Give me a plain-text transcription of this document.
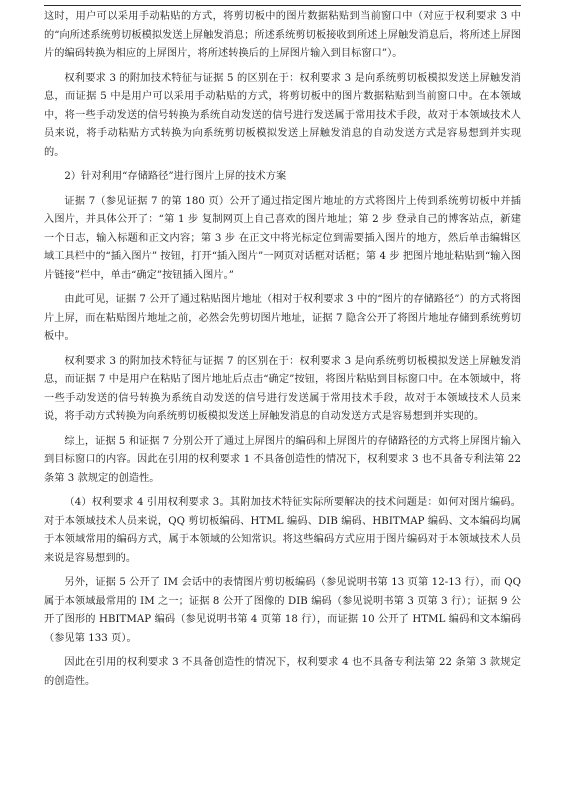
这时，用户可以采用手动粘贴的方式，将剪切板中的图片数据粘贴到当前窗口中（对应于权利要求 3 中的“向所述系统剪切板模拟发送上屏触发消息；所述系统剪切板接收到所述上屏触发消息后，将所述上屏图片的编码转换为相应的上屏图片，将所述转换后的上屏图片输入到目标窗口”）。

权利要求 3 的附加技术特征与证据 5 的区别在于：权利要求 3 是向系统剪切板模拟发送上屏触发消息，而证据 5 中是用户可以采用手动粘贴的方式，将剪切板中的图片数据粘贴到当前窗口中。在本领域中，将一些手动发送的信号转换为系统自动发送的信号进行发送属于常用技术手段，故对于本领域技术人员来说，将手动粘贴方式转换为向系统剪切板模拟发送上屏触发消息的自动发送方式是容易想到并实现的。

2）针对利用“存储路径”进行图片上屏的技术方案

证据 7（参见证据 7 的第 180 页）公开了通过指定图片地址的方式将图片上传到系统剪切板中并插入图片，并具体公开了：“第 1 步 复制网页上自己喜欢的图片地址；第 2 步 登录自己的博客站点，新建一个日志，输入标题和正文内容；第 3 步 在正文中将光标定位到需要插入图片的地方，然后单击编辑区域工具栏中的“插入图片” 按钮，打开“插入图片”一网页对话框对话框；第 4 步 把图片地址粘贴到“输入图片链接”栏中，单击“确定”按钮插入图片。”

由此可见，证据 7 公开了通过粘贴图片地址（相对于权利要求 3 中的“图片的存储路径”）的方式将图片上屏，而在粘贴图片地址之前，必然会先剪切图片地址，证据 7 隐含公开了将图片地址存储到系统剪切板中。

权利要求 3 的附加技术特征与证据 7 的区别在于：权利要求 3 是向系统剪切板模拟发送上屏触发消息，而证据 7 中是用户在粘贴了图片地址后点击“确定”按钮，将图片粘贴到目标窗口中。在本领域中，将一些手动发送的信号转换为系统自动发送的信号进行发送属于常用技术手段，故对于本领域技术人员来说，将手动方式转换为向系统剪切板模拟发送上屏触发消息的自动发送方式是容易想到并实现的。

综上，证据 5 和证据 7 分别公开了通过上屏图片的编码和上屏图片的存储路径的方式将上屏图片输入到目标窗口的内容。因此在引用的权利要求 1 不具备创造性的情况下，权利要求 3 也不具备专利法第 22 条第 3 款规定的创造性。

（4）权利要求 4 引用权利要求 3。其附加技术特征实际所要解决的技术问题是：如何对图片编码。对于本领域技术人员来说，QQ 剪切板编码、HTML 编码、DIB 编码、HBITMAP 编码、文本编码均属于本领域常用的编码方式，属于本领域的公知常识。将这些编码方式应用于图片编码对于本领域技术人员来说是容易想到的。

另外，证据 5 公开了 IM 会话中的表情图片剪切板编码（参见说明书第 13 页第 12-13 行），而 QQ 属于本领域最常用的 IM 之一；证据 8 公开了图像的 DIB 编码（参见说明书第 3 页第 3 行）；证据 9 公开了图形的 HBITMAP 编码（参见说明书第 4 页第 18 行），而证据 10 公开了 HTML 编码和文本编码（参见第 133 页）。

因此在引用的权利要求 3 不具备创造性的情况下，权利要求 4 也不具备专利法第 22 条第 3 款规定的创造性。
